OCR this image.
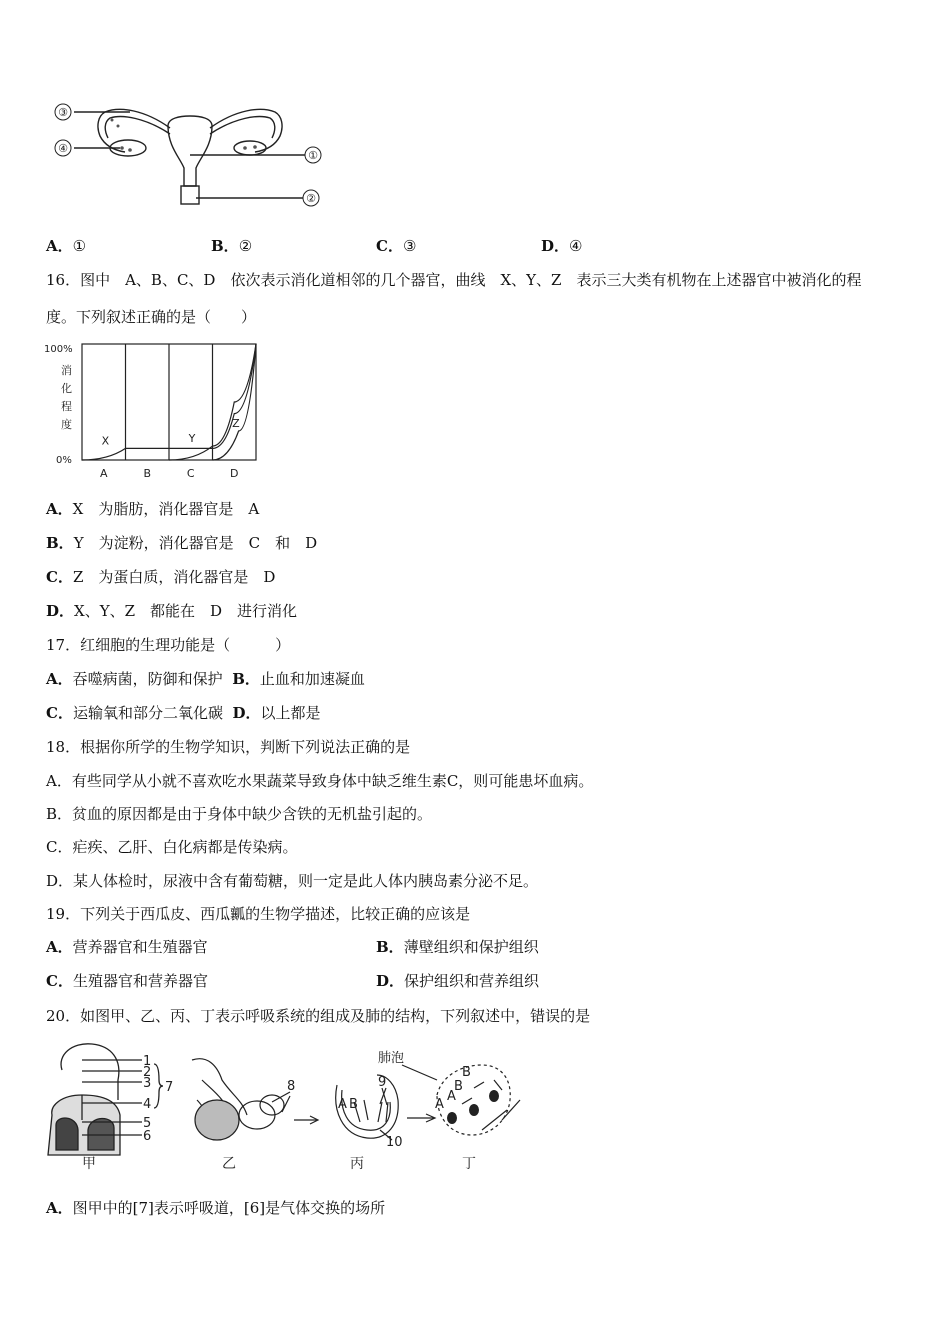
③
④
①
②
A．①	B．②	C．③	D．④
16．图中　A、B、C、D　依次表示消化道相邻的几个器官，曲线　X、Y、Z　表示三大类有机物在上述器官中被消化的程
度。下列叙述正确的是（　　）
100%
0%
消
化
程
度
A	B	C	D
X	Y
Z
A．X　为脂肪，消化器官是　A
B．Y　为淀粉，消化器官是　C　和　D
C．Z　为蛋白质，消化器官是　D
D．X、Y、Z　都能在　D　进行消化
17．红细胞的生理功能是（　　　）
A．吞噬病菌，防御和保护 B．止血和加速凝血
C．运输氧和部分二氧化碳 D．以上都是
18．根据你所学的生物学知识，判断下列说法正确的是
A．有些同学从小就不喜欢吃水果蔬菜导致身体中缺乏维生素C，则可能患坏血病。
B．贫血的原因都是由于身体中缺少含铁的无机盐引起的。
C．疟疾、乙肝、白化病都是传染病。
D．某人体检时，尿液中含有葡萄糖，则一定是此人体内胰岛素分泌不足。
19．下列关于西瓜皮、西瓜瓤的生物学描述，比较正确的应该是
A．营养器官和生殖器官	B．薄壁组织和保护组织
C．生殖器官和营养器官	D．保护组织和营养组织
20．如图甲、乙、丙、丁表示呼吸系统的组成及肺的结构，下列叙述中，错误的是
1
2
3
4
5
6
7
甲
8
乙
9
10
A B
丙
肺泡
B
B
A
A
丁
A．图甲中的[7]表示呼吸道，[6]是气体交换的场所
